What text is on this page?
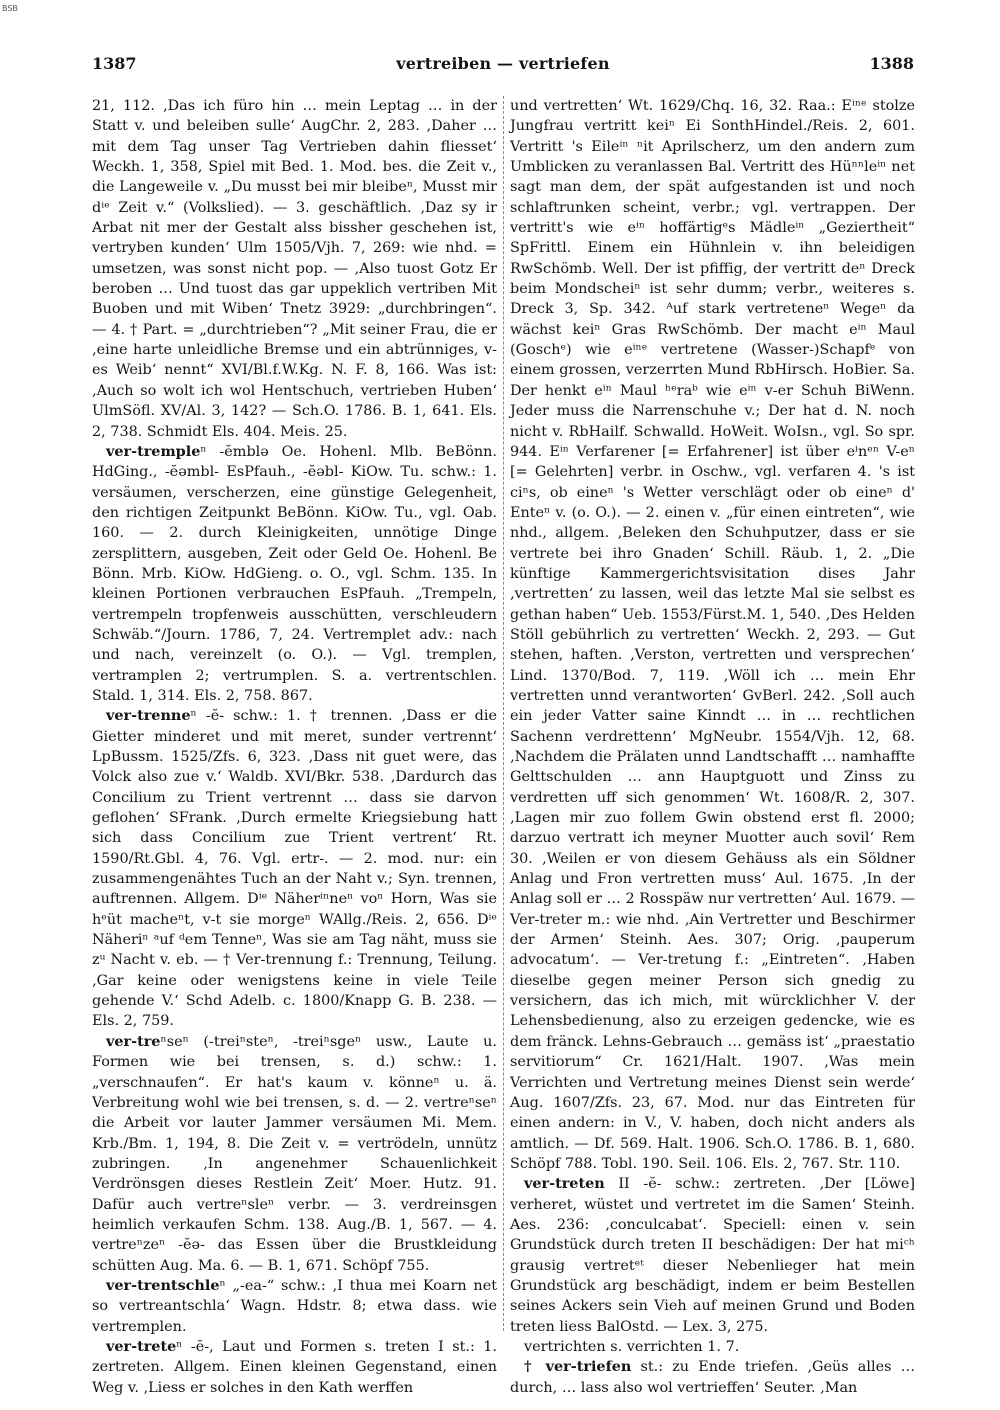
BSB
1387	vertreiben — vertriefen	1388

21, 112. ‚Das ich füro hin … mein Leptag … in der Statt v. und beleiben sulle‘ AugChr. 2, 283. ‚Daher … mit dem Tag unser Tag Vertrieben dahin fliesset‘ Weckh. 1, 358, Spiel mit Bed. 1. Mod. bes. die Zeit v., die Langeweile v. „Du musst bei mir bleibeⁿ, Musst mir dⁱᵉ Zeit v.“ (Volkslied). — 3. geschäftlich. ‚Daz sy ir Arbat nit mer der Gestalt alss bissher geschehen ist, vertryben kunden‘ Ulm 1505/Vjh. 7, 269: wie nhd. = umsetzen, was sonst nicht pop. — ‚Also tuost Gotz Er beroben … Und tuost das gar uppeklich vertriben Mit Buoben und mit Wiben‘ Tnetz 3929: „durchbringen“. — 4. † Part. = „durchtrieben“? „Mit seiner Frau, die er ‚eine harte unleidliche Bremse und ein abtrünniges, v-es Weib‘ nennt“ XVI/Bl.f.W.Kg. N. F. 8, 166. Was ist: ‚Auch so wolt ich wol Hentschuch, vertrieben Huben‘ UlmSöfl. XV/Al. 3, 142? — Sch.O. 1786. B. 1, 641. Els. 2, 738. Schmidt Els. 404. Meis. 25.

ver-trempleⁿ -ĕmblə Oe. Hohenl. Mlb. BeBönn. HdGing., -ĕəmbl- EsPfauh., -ĕəbl- KiOw. Tu. schw.: 1. versäumen, verscherzen, eine günstige Gelegenheit, den richtigen Zeitpunkt BeBönn. KiOw. Tu., vgl. Oab. 160. — 2. durch Kleinigkeiten, unnötige Dinge zersplittern, ausgeben, Zeit oder Geld Oe. Hohenl. Be Bönn. Mrb. KiOw. HdGieng. o. O., vgl. Schm. 135. In kleinen Portionen verbrauchen EsPfauh. „Trempeln, vertrempeln tropfenweis ausschütten, verschleudern Schwäb.“/Journ. 1786, 7, 24. Vertremplet adv.: nach und nach, vereinzelt (o. O.). — Vgl. tremplen, vertramplen 2; vertrumplen. S. a. vertrentschlen. Stald. 1, 314. Els. 2, 758. 867.

ver-trenneⁿ -ĕ- schw.: 1. † trennen. ‚Dass er die Gietter minderet und mit meret, sunder vertrennt‘ LpBussm. 1525/Zfs. 6, 323. ‚Dass nit guet were, das Volck also zue v.‘ Waldb. XVI/Bkr. 538. ‚Dardurch das Concilium zu Trient vertrennt … dass sie darvon geflohen‘ SFrank. ‚Durch ermelte Kriegsiebung hatt sich dass Concilium zue Trient vertrent‘ Rt. 1590/Rt.Gbl. 4, 76. Vgl. ertr-. — 2. mod. nur: ein zusammengenähtes Tuch an der Naht v.; Syn. trennen, auftrennen. Allgem. Dⁱᵉ Näherⁱⁿneⁿ voⁿ Horn, Was sie hᵉüt macheⁿt, v-t sie morgeⁿ WAllg./Reis. 2, 656. Dⁱᵉ Näheriⁿ ᵃuf ᵈem Tenneⁿ, Was sie am Tag näht, muss sie zᵘ Nacht v. eb. — † Ver-trennung f.: Trennung, Teilung. ‚Gar keine oder wenigstens keine in viele Teile gehende V.‘ Schd Adelb. c. 1800/Knapp G. B. 238. — Els. 2, 759.

ver-treⁿseⁿ (-treiⁿsteⁿ, -treiⁿsgeⁿ usw., Laute u. Formen wie bei trensen, s. d.) schw.: 1. „verschnaufen“. Er hat's kaum v. könneⁿ u. ä. Verbreitung wohl wie bei trensen, s. d. — 2. vertreⁿseⁿ die Arbeit vor lauter Jammer versäumen Mi. Mem. Krb./Bm. 1, 194, 8. Die Zeit v. = vertrödeln, unnütz zubringen. ‚In angenehmer Schauenlichkeit Verdrönsgen dieses Restlein Zeit‘ Moer. Hutz. 91. Dafür auch vertreⁿsleⁿ verbr. — 3. verdreinsgen heimlich verkaufen Schm. 138. Aug./B. 1, 567. — 4. vertreⁿzeⁿ -ĕə- das Essen über die Brustkleidung schütten Aug. Ma. 6. — B. 1, 671. Schöpf 755.

ver-trentschleⁿ „-ea-“ schw.: ‚I thua mei Koarn net so vertreantschla‘ Wagn. Hdstr. 8; etwa dass. wie vertremplen.

ver-treteⁿ -ĕ-, Laut und Formen s. treten I st.: 1. zertreten. Allgem. Einen kleinen Gegenstand, einen Weg v. ‚Liess er solches in den Kath werffen

und vertretten‘ Wt. 1629/Chq. 16, 32. Raa.: Eⁱⁿᵉ stolze Jungfrau vertritt keiⁿ Ei SonthHindel./Reis. 2, 601. Vertritt 's Eileⁱⁿ ⁿit Aprilscherz, um den andern zum Umblicken zu veranlassen Bal. Vertritt des Hüⁿⁿleⁱⁿ net sagt man dem, der spät aufgestanden ist und noch schlaftrunken scheint, verbr.; vgl. vertrappen. Der vertritt's wie eⁱⁿ hoffärtigᵉs Mädleⁱⁿ „Geziertheit“ SpFrittl. Einem ein Hühnlein v. ihn beleidigen RwSchömb. Well. Der ist pfiffig, der vertritt deⁿ Dreck beim Mondscheiⁿ ist sehr dumm; verbr., weiteres s. Dreck 3, Sp. 342. ᴬuf stark vertreteneⁿ Wegeⁿ da wächst keiⁿ Gras RwSchömb. Der macht eⁱⁿ Maul (Goschᵉ) wie eⁱⁿᵉ vertretene (Wasser-)Schapfᵉ von einem grossen, verzerrten Mund RbHirsch. HoBier. Sa. Der henkt eⁱⁿ Maul ʰᵉraᵇ wie eⁱⁿ v-er Schuh BiWenn. Jeder muss die Narrenschuhe v.; Der hat d. N. noch nicht v. RbHailf. Schwalld. HoWeit. WoIsn., vgl. So spr. 944. Eⁱⁿ Verfarener [= Erfahrener] ist über eⁱnᵉⁿ V-eⁿ [= Gelehrten] verbr. in Oschw., vgl. verfaren 4. 's ist ciⁿs, ob eineⁿ 's Wetter verschlägt oder ob eineⁿ d' Enteⁿ v. (o. O.). — 2. einen v. „für einen eintreten“, wie nhd., allgem. ‚Beleken den Schuhputzer, dass er sie vertrete bei ihro Gnaden‘ Schill. Räub. 1, 2. „Die künftige Kammergerichtsvisitation dises Jahr ‚vertretten‘ zu lassen, weil das letzte Mal sie selbst es gethan haben“ Ueb. 1553/Fürst.M. 1, 540. ‚Des Helden Stöll gebührlich zu vertretten‘ Weckh. 2, 293. — Gut stehen, haften. ‚Verston, vertretten und versprechen‘ Lind. 1370/Bod. 7, 119. ‚Wöll ich … mein Ehr vertretten unnd verantworten‘ GvBerl. 242. ‚Soll auch ein jeder Vatter saine Kinndt … in … rechtlichen Sachenn verdrettenn‘ MgNeubr. 1554/Vjh. 12, 68. ‚Nachdem die Prälaten unnd Landtschafft … namhaffte Gelttschulden … ann Hauptguott und Zinss zu verdretten uff sich genommen‘ Wt. 1608/R. 2, 307. ‚Lagen mir zuo follem Gwin obstend erst fl. 2000; darzuo vertratt ich meyner Muotter auch sovil‘ Rem 30. ‚Weilen er von diesem Gehäuss als ein Söldner Anlag und Fron vertretten muss‘ Aul. 1675. ‚In der Anlag soll er … 2 Rosspäw nur vertretten‘ Aul. 1679. — Ver-treter m.: wie nhd. ‚Ain Vertretter und Beschirmer der Armen‘ Steinh. Aes. 307; Orig. ‚pauperum advocatum‘. — Ver-tretung f.: „Eintreten“. ‚Haben dieselbe gegen meiner Person sich gnedig zu versichern, das ich mich, mit würcklichher V. der Lehensbedienung, also zu erzeigen gedencke, wie es dem fränck. Lehns-Gebrauch … gemäss ist‘ „praestatio servitiorum“ Cr. 1621/Halt. 1907. ‚Was mein Verrichten und Vertretung meines Dienst sein werde‘ Aug. 1607/Zfs. 23, 67. Mod. nur das Eintreten für einen andern: in V., V. haben, doch nicht anders als amtlich. — Df. 569. Halt. 1906. Sch.O. 1786. B. 1, 680. Schöpf 788. Tobl. 190. Seil. 106. Els. 2, 767. Str. 110.

ver-treten II -ĕ- schw.: zertreten. ‚Der [Löwe] verheret, wüstet und vertretet im die Samen‘ Steinh. Aes. 236: ‚conculcabat‘. Speciell: einen v. sein Grundstück durch treten II beschädigen: Der hat miᶜʰ grausig vertretᵉᵗ dieser Nebenlieger hat mein Grundstück arg beschädigt, indem er beim Bestellen seines Ackers sein Vieh auf meinen Grund und Boden treten liess BalOstd. — Lex. 3, 275.

vertrichten s. verrichten 1. 7.

† ver-triefen st.: zu Ende triefen. ‚Geüs alles … durch, … lass also wol vertrieffen‘ Seuter. ‚Man
